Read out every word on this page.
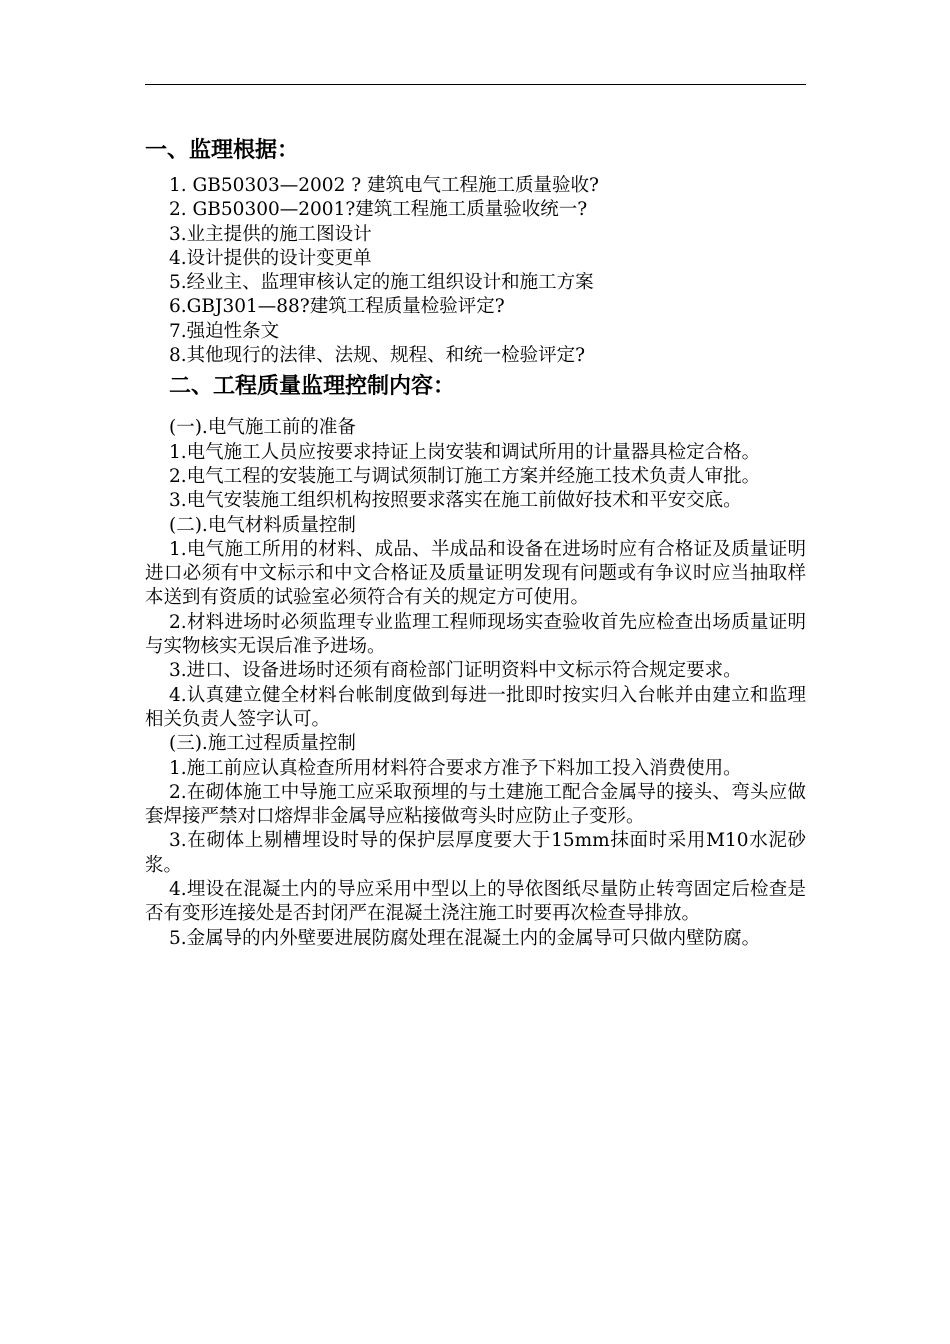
一、监理根据：

1. GB50303—2002 ? 建筑电气工程施工质量验收?

2. GB50300—2001?建筑工程施工质量验收统一?

3.业主提供的施工图设计

4.设计提供的设计变更单

5.经业主、监理审核认定的施工组织设计和施工方案

6.GBJ301—88?建筑工程质量检验评定?

7.强迫性条文

8.其他现行的法律、法规、规程、和统一检验评定?

二、工程质量监理控制内容：

(一).电气施工前的准备

1.电气施工人员应按要求持证上岗安装和调试所用的计量器具检定合格。

2.电气工程的安装施工与调试须制订施工方案并经施工技术负责人审批。

3.电气安装施工组织机构按照要求落实在施工前做好技术和平安交底。

(二).电气材料质量控制

1.电气施工所用的材料、成品、半成品和设备在进场时应有合格证及质量证明进口必须有中文标示和中文合格证及质量证明发现有问题或有争议时应当抽取样本送到有资质的试验室必须符合有关的规定方可使用。

2.材料进场时必须监理专业监理工程师现场实查验收首先应检查出场质量证明与实物核实无误后准予进场。

3.进口、设备进场时还须有商检部门证明资料中文标示符合规定要求。

4.认真建立健全材料台帐制度做到每进一批即时按实归入台帐并由建立和监理相关负责人签字认可。

(三).施工过程质量控制

1.施工前应认真检查所用材料符合要求方准予下料加工投入消费使用。

2.在砌体施工中导施工应采取预埋的与土建施工配合金属导的接头、弯头应做套焊接严禁对口熔焊非金属导应粘接做弯头时应防止子变形。

3.在砌体上剔槽埋设时导的保护层厚度要大于15mm抹面时采用M10水泥砂浆。

4.埋设在混凝土内的导应采用中型以上的导依图纸尽量防止转弯固定后检查是否有变形连接处是否封闭严在混凝土浇注施工时要再次检查导排放。

5.金属导的内外壁要进展防腐处理在混凝土内的金属导可只做内壁防腐。
